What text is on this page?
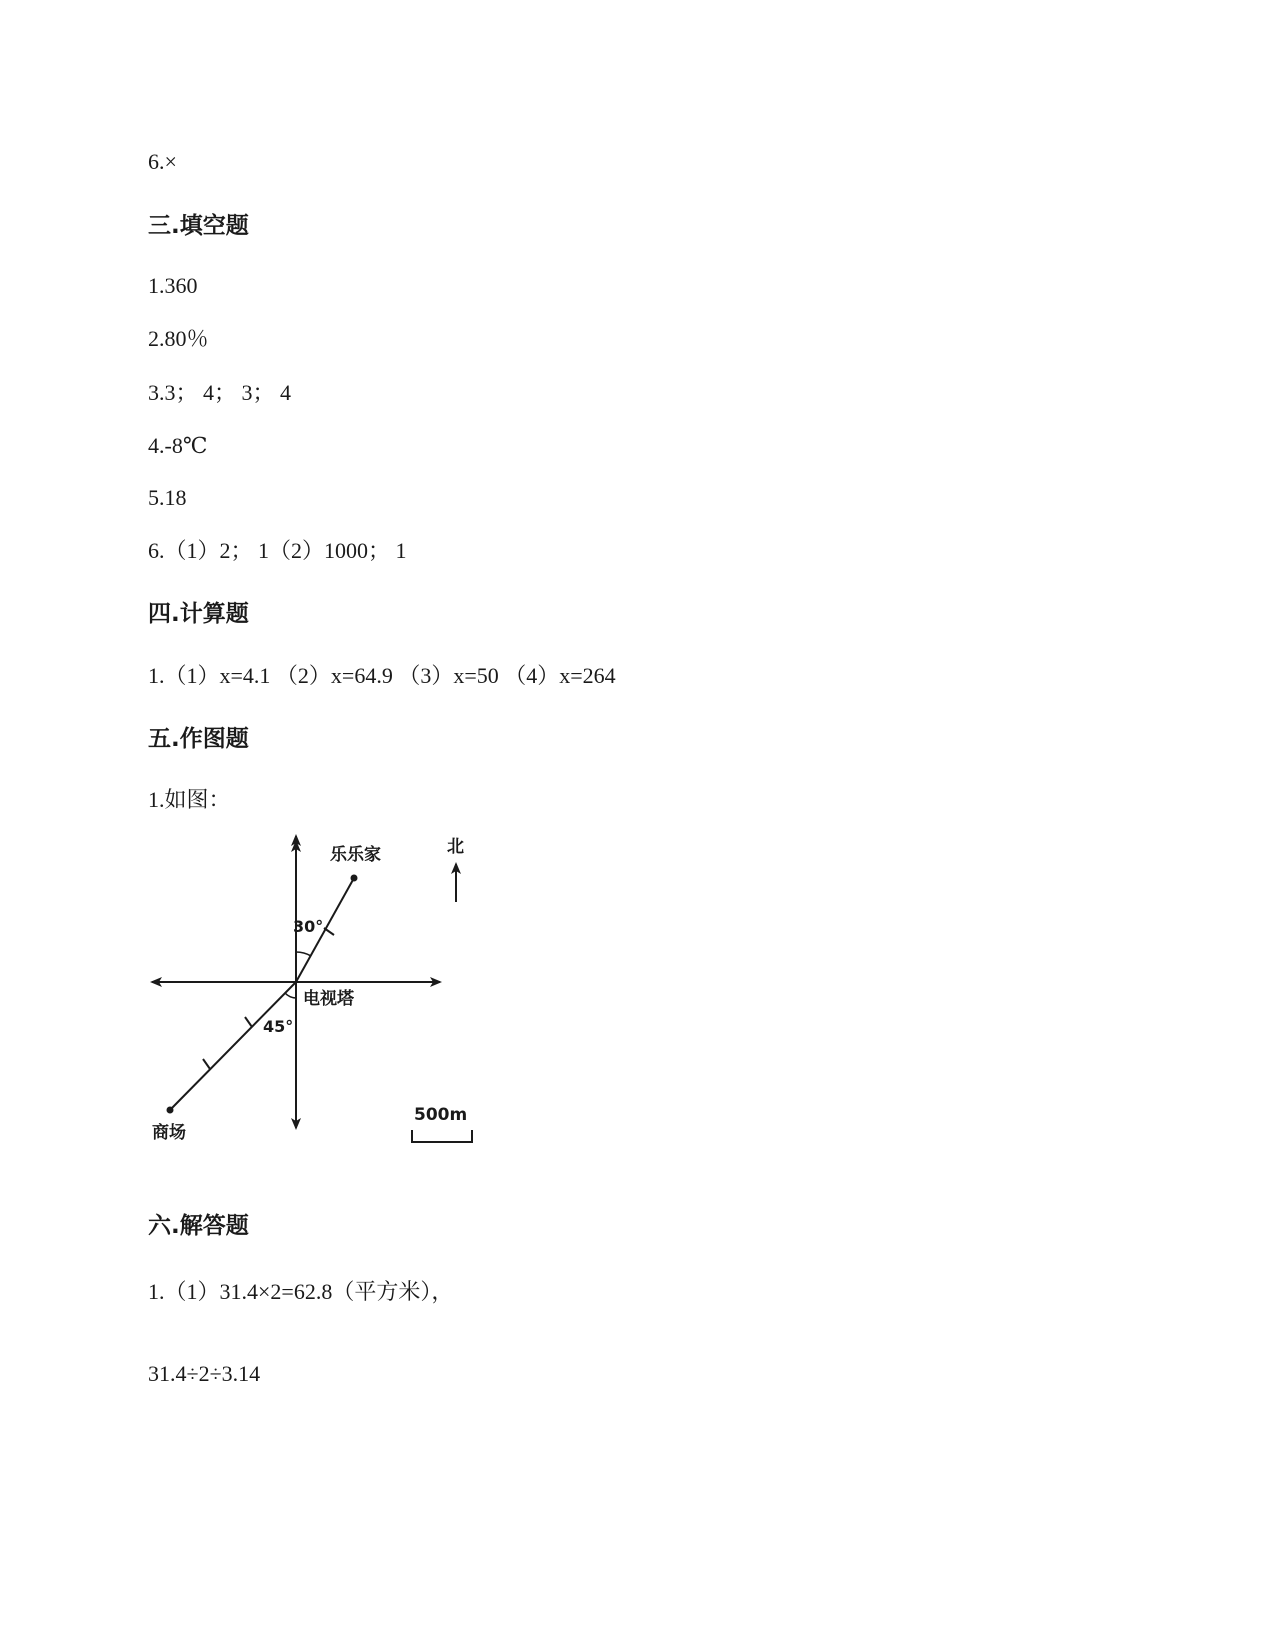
6.×
三.填空题
1.360
2.80％
3.3； 4； 3； 4
4.-8℃
5.18
6.（1）2； 1（2）1000； 1
四.计算题
1.（1）x=4.1 （2）x=64.9 （3）x=50 （4）x=264
五.作图题
1.如图：
乐乐家	北
30°
电视塔
45°
商场
500m
六.解答题
1.（1）31.4×2=62.8（平方米），
31.4÷2÷3.14
